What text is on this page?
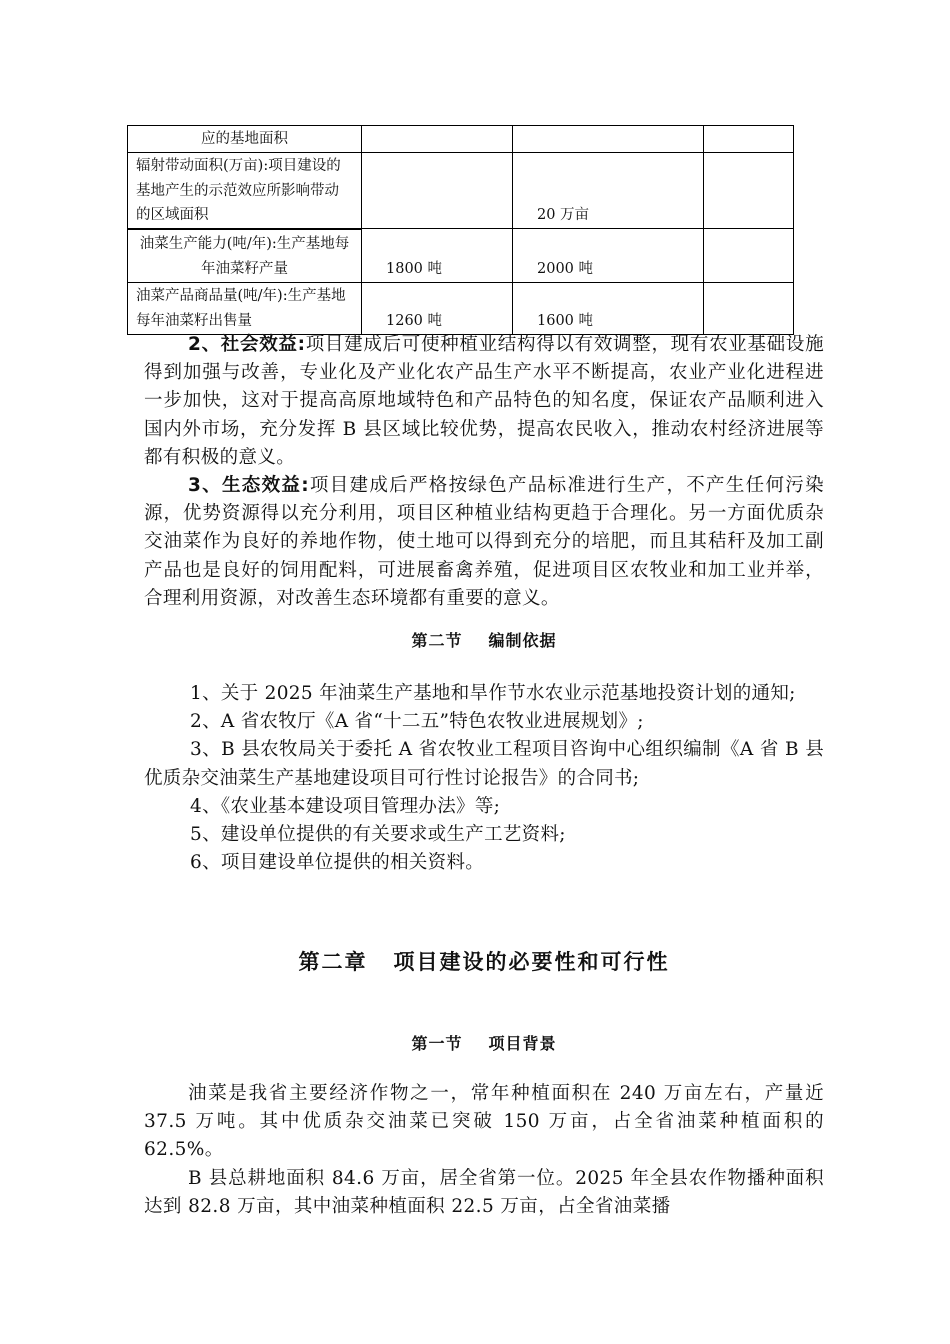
应的基地面积			
辐射带动面积(万亩):项目建设的基地产生的示范效应所影响带动的区域面积		20 万亩	
油菜生产能力(吨/年):生产基地每年油菜籽产量	1800 吨	2000 吨	
油菜产品商品量(吨/年):生产基地每年油菜籽出售量	1260 吨	1600 吨	

2、社会效益:项目建成后可使种植业结构得以有效调整，现有农业基础设施得到加强与改善，专业化及产业化农产品生产水平不断提高，农业产业化进程进一步加快，这对于提高高原地域特色和产品特色的知名度，保证农产品顺利进入国内外市场，充分发挥 B 县区域比较优势，提高农民收入，推动农村经济进展等都有积极的意义。

3、生态效益:项目建成后严格按绿色产品标准进行生产，不产生任何污染源，优势资源得以充分利用，项目区种植业结构更趋于合理化。另一方面优质杂交油菜作为良好的养地作物，使土地可以得到充分的培肥，而且其秸秆及加工副产品也是良好的饲用配料，可进展畜禽养殖，促进项目区农牧业和加工业并举，合理利用资源，对改善生态环境都有重要的意义。

第二节 编制依据

1、关于 2025 年油菜生产基地和旱作节水农业示范基地投资计划的通知;

2、A 省农牧厅《A 省“十二五”特色农牧业进展规划》;

3、B 县农牧局关于委托 A 省农牧业工程项目咨询中心组织编制《A 省 B 县优质杂交油菜生产基地建设项目可行性讨论报告》的合同书;

4、《农业基本建设项目管理办法》等;

5、建设单位提供的有关要求或生产工艺资料;

6、项目建设单位提供的相关资料。

第二章 项目建设的必要性和可行性
第一节 项目背景

油菜是我省主要经济作物之一，常年种植面积在 240 万亩左右，产量近 37.5 万吨。其中优质杂交油菜已突破 150 万亩，占全省油菜种植面积的 62.5%。

B 县总耕地面积 84.6 万亩，居全省第一位。2025 年全县农作物播种面积达到 82.8 万亩，其中油菜种植面积 22.5 万亩，占全省油菜播
